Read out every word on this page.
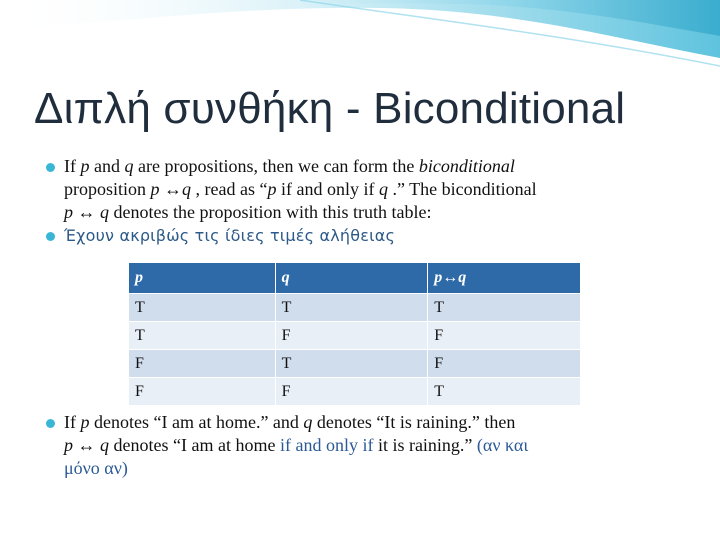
Διπλή συνθήκη - Biconditional
If p and q are propositions, then we can form the biconditional
proposition p ↔q , read as “p if and only if q .” The biconditional
p ↔ q denotes the proposition with this truth table:
Έχουν ακριβώς τις ίδιες τιμές αλήθειας
p	q	p↔q
T	T	T
T	F	F
F	T	F
F	F	T
If p denotes “I am at home.” and q denotes “It is raining.” then
p ↔ q denotes “I am at home if and only if it is raining.” (αν και
μόνο αν)
